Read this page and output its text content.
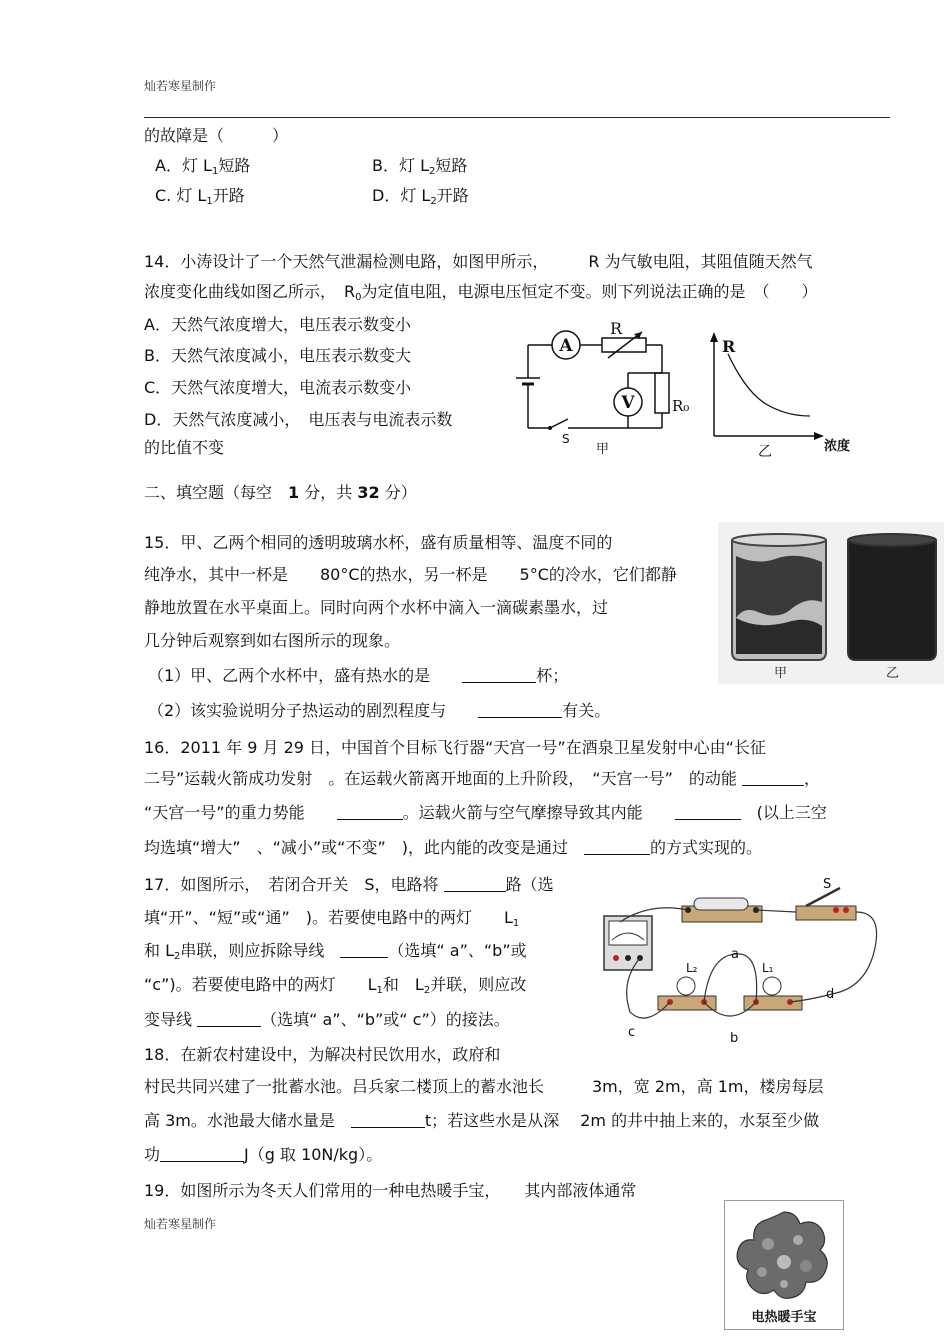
灿若寒星制作
的故障是（　　　）
A．灯 $L_1$短路	B．灯 $L_2$短路
C. 灯 $L_1$开路	D．灯 $L_2$开路
14．小涛设计了一个天然气泄漏检测电路，如图甲所示，　　　R 为气敏电阻，其阻值随天然气
浓度变化曲线如图乙所示，　$R_0$为定值电阻，电源电压恒定不变。则下列说法正确的是　（　　）
A．天然气浓度增大，电压表示数变小
B．天然气浓度减小，电压表示数变大
C．天然气浓度增大，电流表示数变小
D．天然气浓度减小，　电压表与电流表示数
的比值不变
A
V
R
R₀
S
甲
R
浓度
乙
二、填空题（每空　1 分，共 32 分）
15．甲、乙两个相同的透明玻璃水杯，盛有质量相等、温度不同的
纯净水，其中一杯是　　80°C的热水，另一杯是　　5°C的冷水，它们都静
静地放置在水平桌面上。同时向两个水杯中滴入一滴碳素墨水，过
几分钟后观察到如右图所示的现象。
（1）甲、乙两个水杯中，盛有热水的是　　	杯；
（2）该实验说明分子热运动的剧烈程度与　　	有关。
甲	乙
16．2011 年 9 月 29 日，中国首个目标飞行器“天宫一号”在酒泉卫星发射中心由“长征
二号”运载火箭成功发射　。在运载火箭离开地面的上升阶段，　“天宫一号”　的动能	，
“天宫一号”的重力势能　　	。运载火箭与空气摩擦导致其内能　　	　(以上三空
均选填“增大”　、“减小”或“不变”　)，此内能的改变是通过　	的方式实现的。
17．如图所示，　若闭合开关　S，电路将	路（选
填“开”、“短”或“通”　)。若要使电路中的两灯　　$L_1$
和 $L_2$串联，则应拆除导线　	（选填“ a”、“b”或
“c”)。若要使电路中的两灯　　$L_1$和　$L_2$并联，则应改
变导线	（选填“ a”、“b”或“ c”）的接法。
S
a
L₂	L₁
d
c	b
18．在新农村建设中，为解决村民饮用水，政府和
村民共同兴建了一批蓄水池。吕兵家二楼顶上的蓄水池长　　　3m，宽 2m，高 1m，楼房每层
高 3m。水池最大储水量是　	t；若这些水是从深　 2m 的井中抽上来的，水泵至少做
功	J（g 取 10N/kg）。
19．如图所示为冬天人们常用的一种电热暖手宝，　　其内部液体通常
电热暖手宝
灿若寒星制作
